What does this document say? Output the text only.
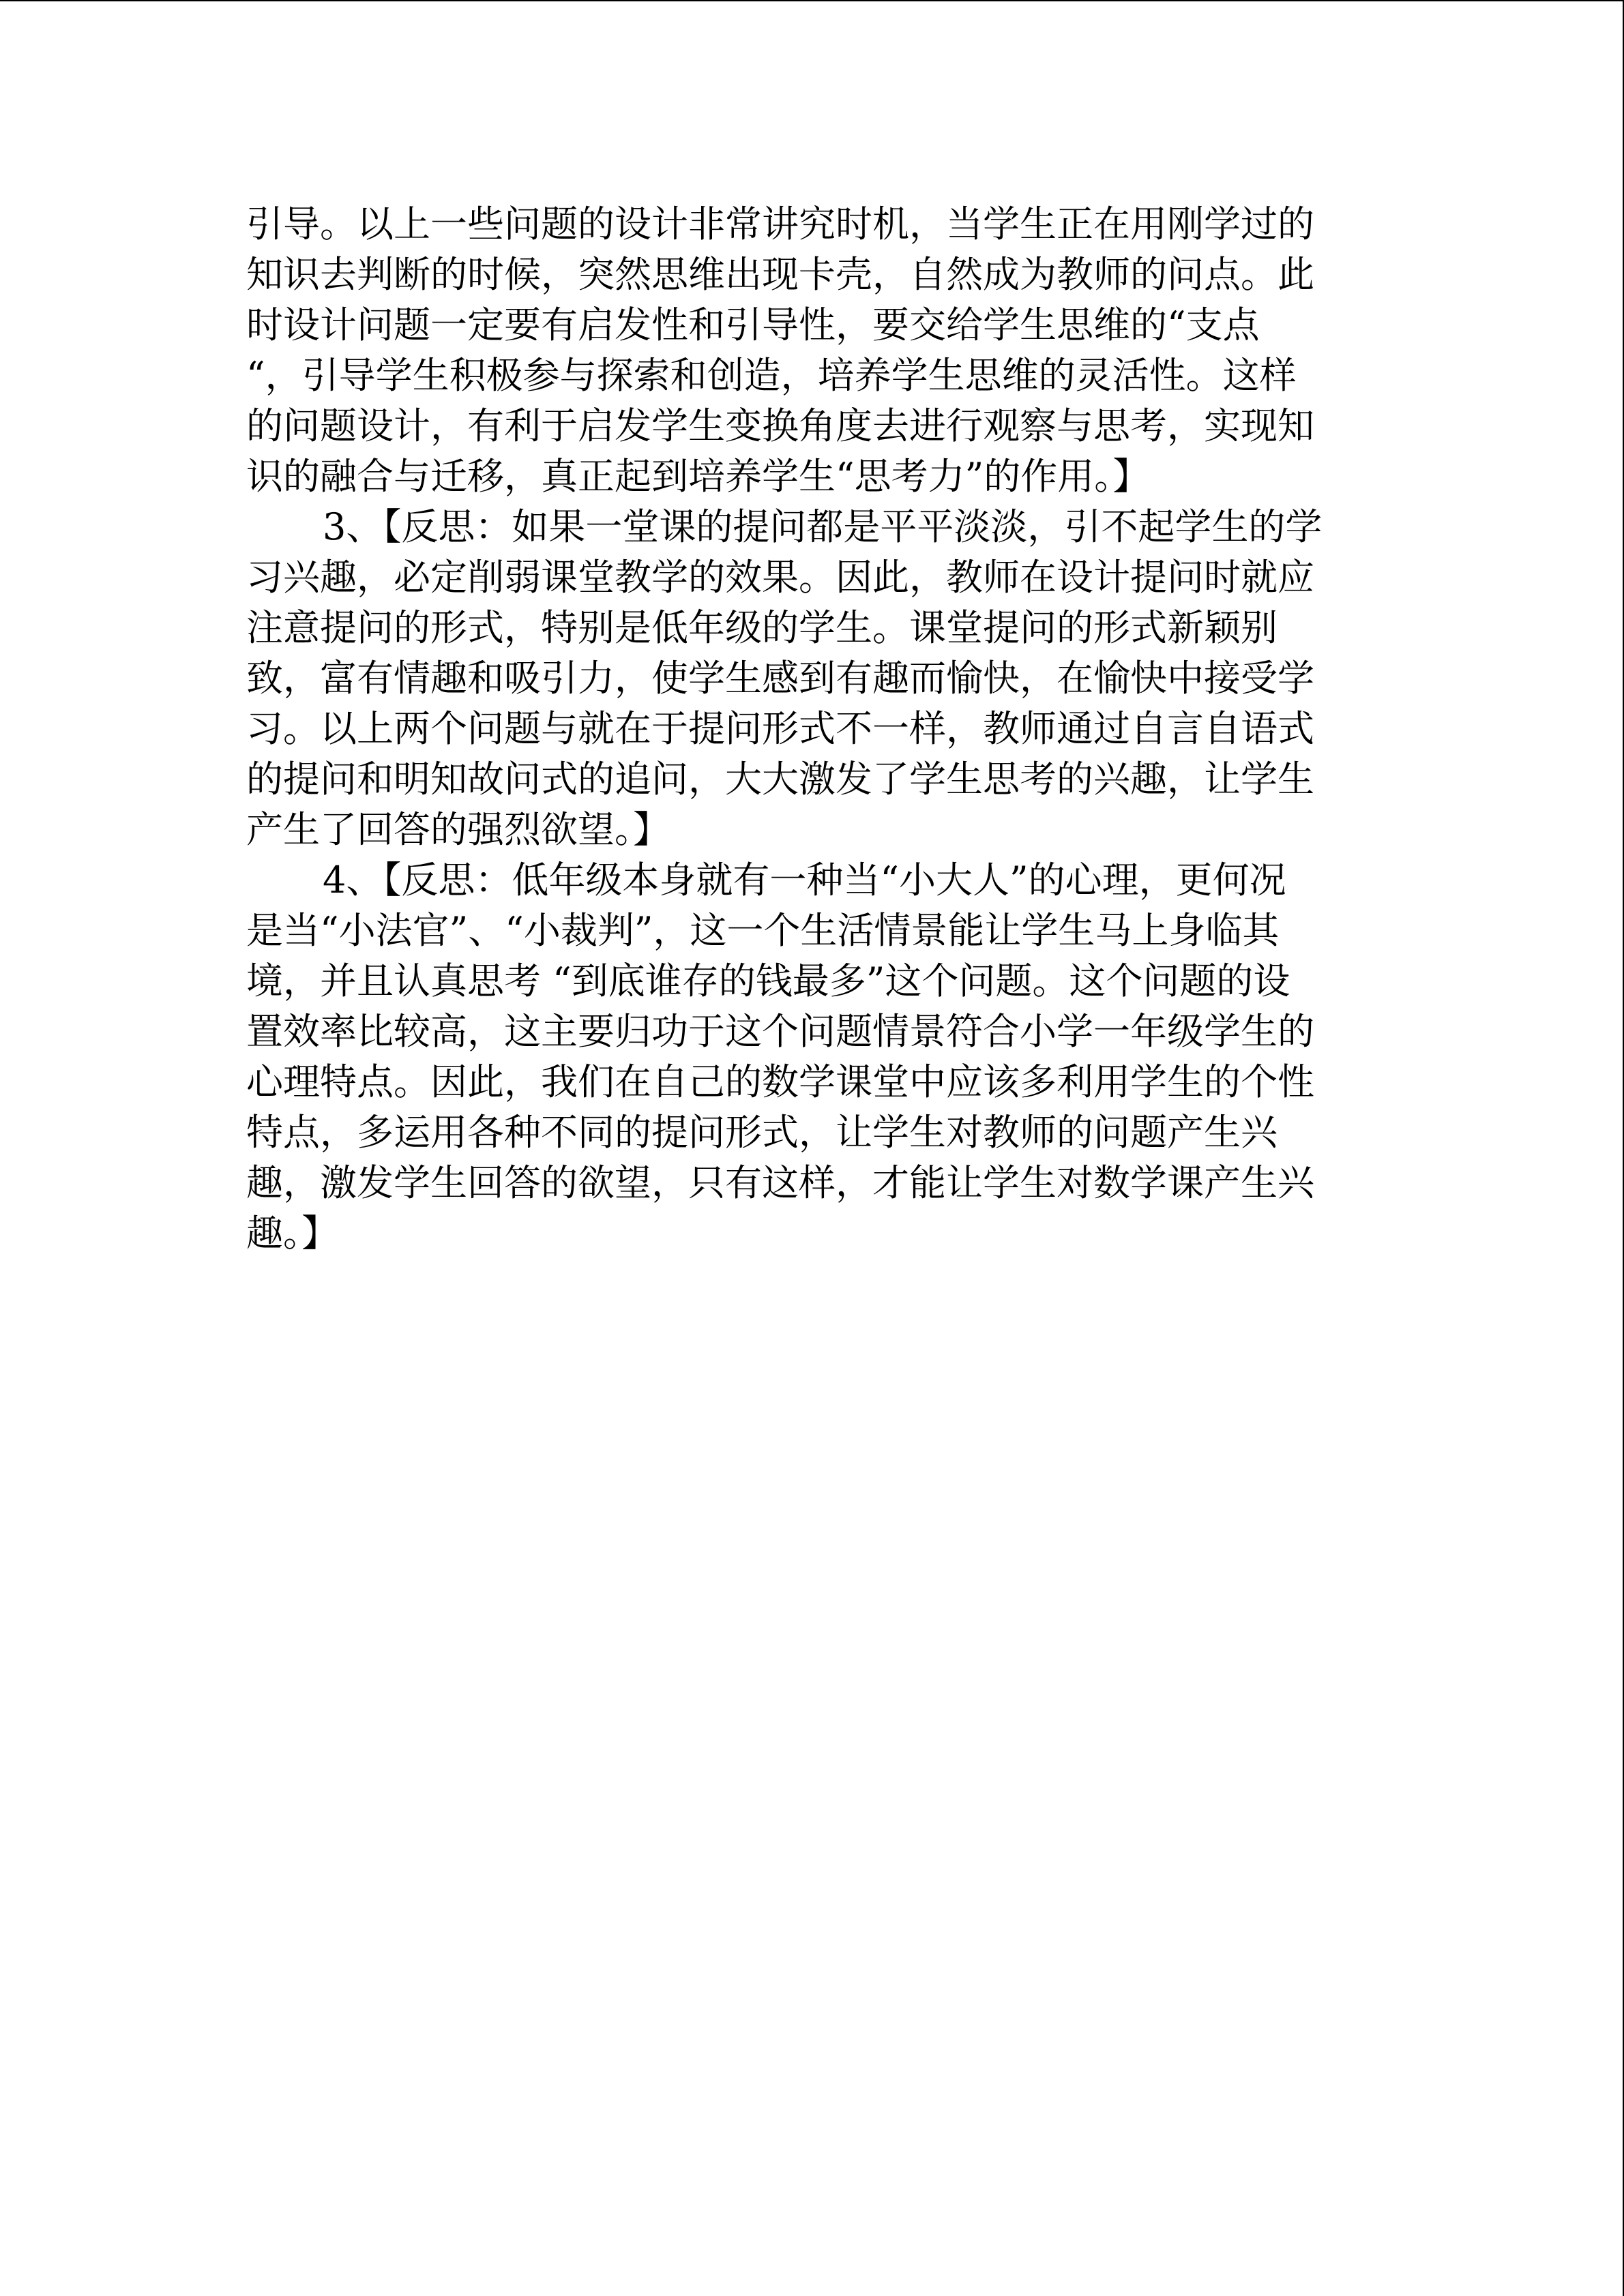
引导。以上一些问题的设计非常讲究时机，当学生正在用刚学过的
知识去判断的时候，突然思维出现卡壳，自然成为教师的问点。此
时设计问题一定要有启发性和引导性，要交给学生思维的“支点
“，引导学生积极参与探索和创造，培养学生思维的灵活性。这样
的问题设计，有利于启发学生变换角度去进行观察与思考，实现知
识的融合与迁移，真正起到培养学生“思考力”的作用。】
3、【反思：如果一堂课的提问都是平平淡淡，引不起学生的学
习兴趣，必定削弱课堂教学的效果。因此，教师在设计提问时就应
注意提问的形式，特别是低年级的学生。课堂提问的形式新颖别
致，富有情趣和吸引力，使学生感到有趣而愉快，在愉快中接受学
习。以上两个问题与就在于提问形式不一样，教师通过自言自语式
的提问和明知故问式的追问，大大激发了学生思考的兴趣，让学生
产生了回答的强烈欲望。】
4、【反思：低年级本身就有一种当“小大人”的心理，更何况
是当“小法官”、“小裁判”，这一个生活情景能让学生马上身临其
境，并且认真思考 “到底谁存的钱最多”这个问题。这个问题的设
置效率比较高，这主要归功于这个问题情景符合小学一年级学生的
心理特点。因此，我们在自己的数学课堂中应该多利用学生的个性
特点，多运用各种不同的提问形式，让学生对教师的问题产生兴
趣，激发学生回答的欲望，只有这样，才能让学生对数学课产生兴
趣。】
